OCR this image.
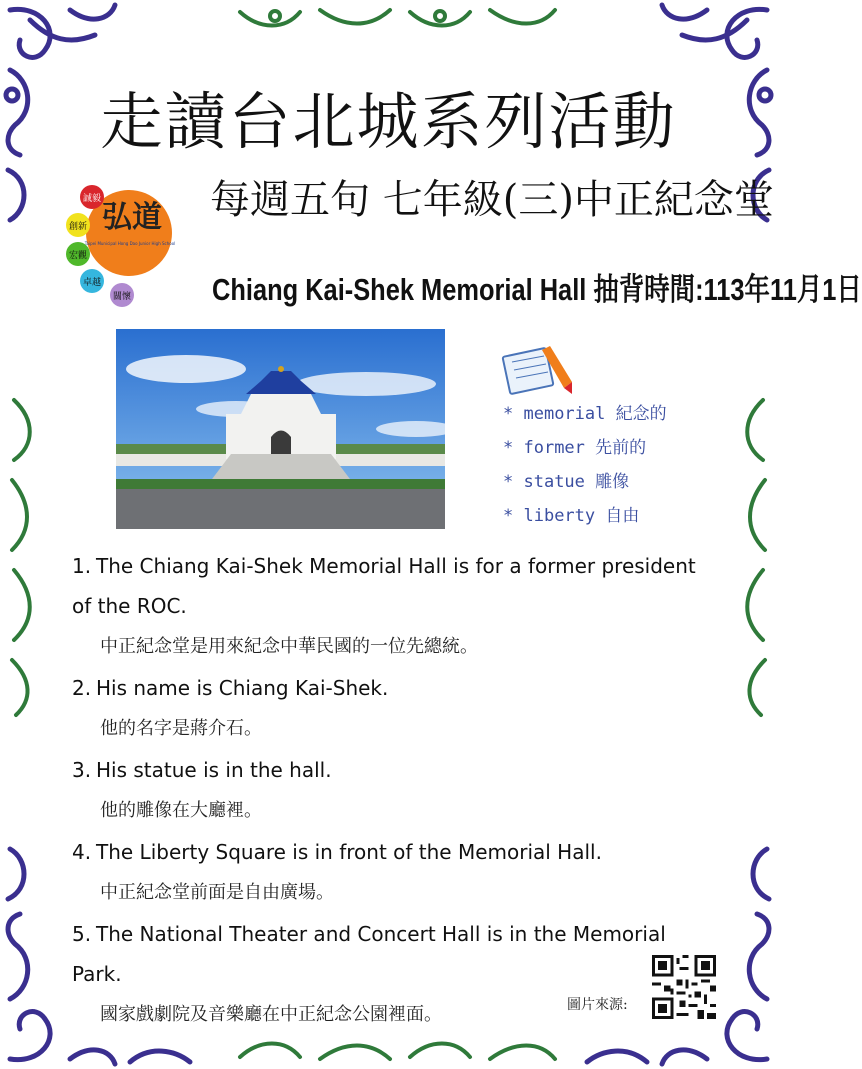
走讀台北城系列活動
誠毅
創新
宏觀
卓越
關懷
弘道
Taipei Municipal Hong Dao Junior High School
每週五句 七年級(三)中正紀念堂
Chiang Kai-Shek Memorial Hall 抽背時間:113年11月1日
* memorial 紀念的
* former 先前的
* statue 雕像
* liberty 自由
1. The Chiang Kai-Shek Memorial Hall is for a former president
of the ROC.
中正紀念堂是用來紀念中華民國的一位先總統。
2. His name is Chiang Kai-Shek.
他的名字是蔣介石。
3. His statue is in the hall.
他的雕像在大廳裡。
4. The Liberty Square is in front of the Memorial Hall.
中正紀念堂前面是自由廣場。
5. The National Theater and Concert Hall is in the Memorial
Park.
國家戲劇院及音樂廳在中正紀念公園裡面。	圖片來源:
